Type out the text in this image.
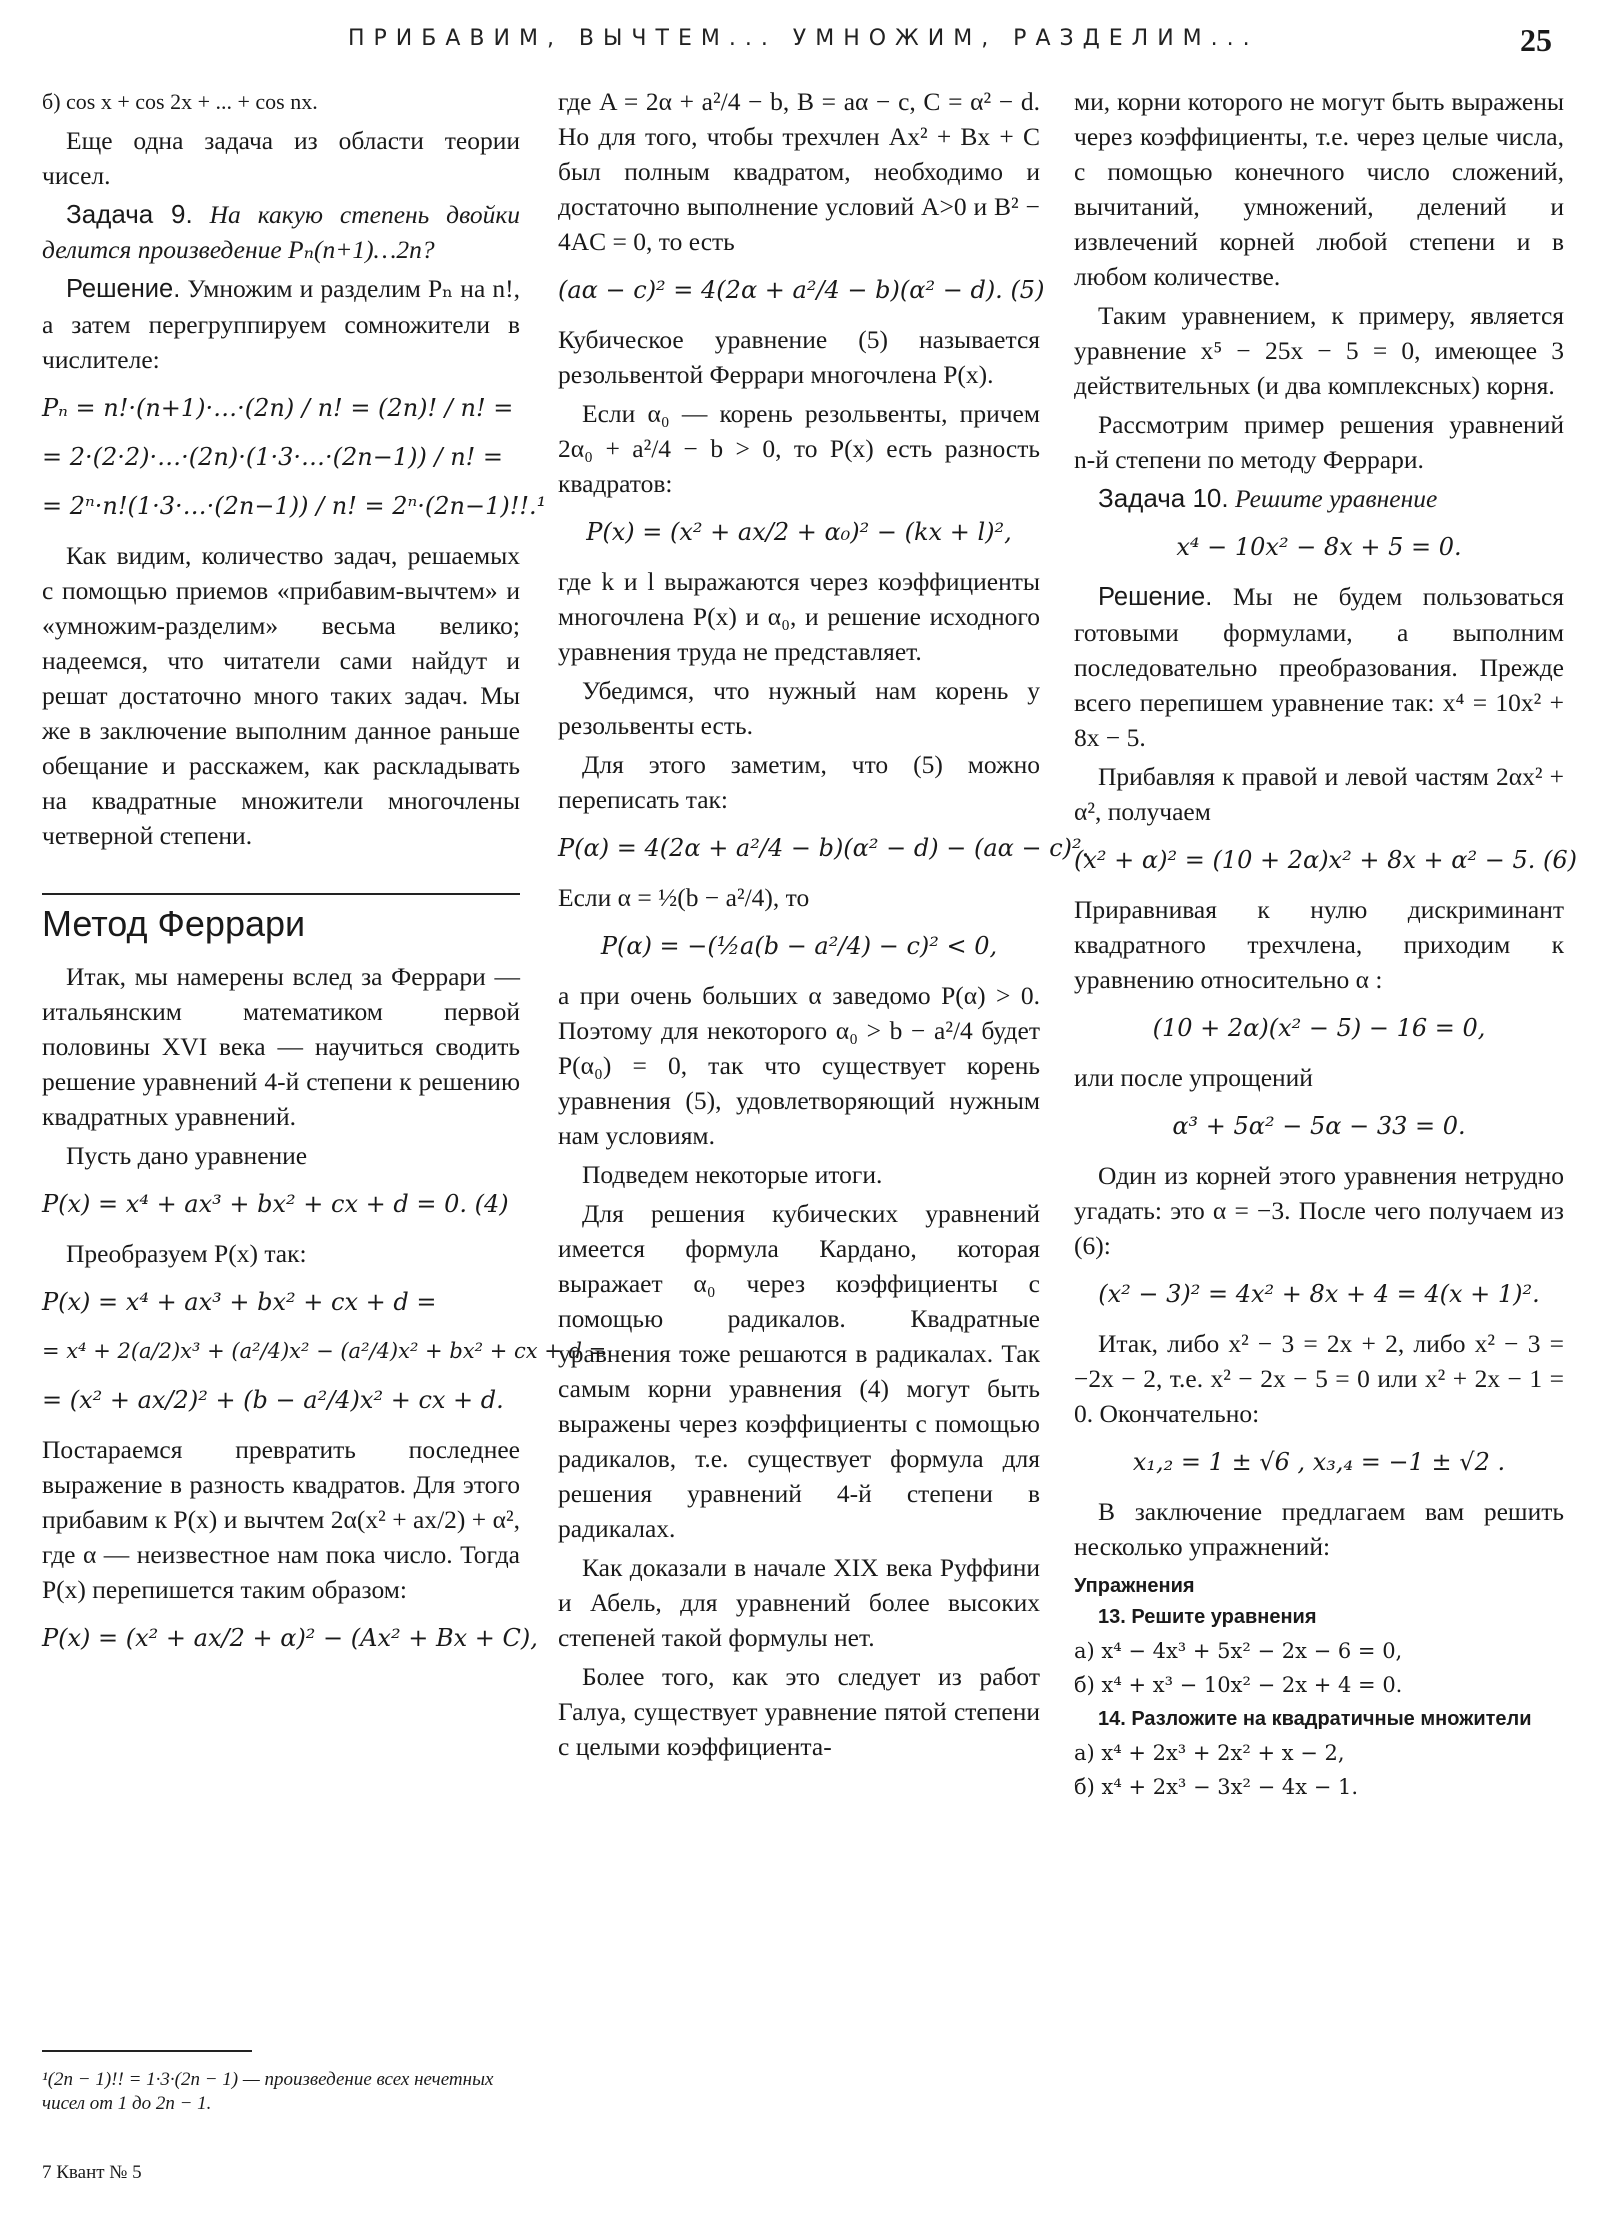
ПРИБАВИМ, ВЫЧТЕМ... УМНОЖИМ, РАЗДЕЛИМ...	25

б) cos x + cos 2x + ... + cos nx.

Еще одна задача из области теории чисел.

Задача 9. На какую степень двойки делится произведение Pₙ(n+1)…2n?

Решение. Умножим и разделим Pₙ на n!, а затем перегруппируем сомножители в числителе:

Pₙ = n!·(n+1)·…·(2n) / n! = (2n)! / n! =
= 2·(2·2)·…·(2n)·(1·3·…·(2n−1)) / n! =
= 2ⁿ·n!(1·3·…·(2n−1)) / n! = 2ⁿ·(2n−1)!!.¹

Как видим, количество задач, решаемых с помощью приемов «прибавим-вычтем» и «умножим-разделим» весьма велико; надеемся, что читатели сами найдут и решат достаточно много таких задач. Мы же в заключение выполним данное раньше обещание и расскажем, как раскладывать на квадратные множители многочлены четверной степени.

Метод Феррари

Итак, мы намерены вслед за Феррари — итальянским математиком первой половины XVI века — научиться сводить решение уравнений 4-й степени к решению квадратных уравнений.

Пусть дано уравнение

P(x) = x⁴ + ax³ + bx² + cx + d = 0. (4)

Преобразуем P(x) так:

P(x) = x⁴ + ax³ + bx² + cx + d =
= x⁴ + 2(a/2)x³ + (a²/4)x² − (a²/4)x² + bx² + cx + d =
= (x² + ax/2)² + (b − a²/4)x² + cx + d.

Постараемся превратить последнее выражение в разность квадратов. Для этого прибавим к P(x) и вычтем 2α(x² + ax/2) + α², где α — неизвестное нам пока число. Тогда P(x) перепишется таким образом:

P(x) = (x² + ax/2 + α)² − (Ax² + Bx + C),

где A = 2α + a²/4 − b, B = aα − c, C = α² − d. Но для того, чтобы трехчлен Ax² + Bx + C был полным квадратом, необходимо и достаточно выполнение условий A>0 и B² − 4AC = 0, то есть

(aα − c)² = 4(2α + a²/4 − b)(α² − d). (5)

Кубическое уравнение (5) называется резольвентой Феррари многочлена P(x).

Если α₀ — корень резольвенты, причем 2α₀ + a²/4 − b > 0, то P(x) есть разность квадратов:

P(x) = (x² + ax/2 + α₀)² − (kx + l)²,

где k и l выражаются через коэффициенты многочлена P(x) и α₀, и решение исходного уравнения труда не представляет.

Убедимся, что нужный нам корень у резольвенты есть.

Для этого заметим, что (5) можно переписать так:

P(α) = 4(2α + a²/4 − b)(α² − d) − (aα − c)².

Если α = ½(b − a²/4), то

P(α) = −(½a(b − a²/4) − c)² < 0,

а при очень больших α заведомо P(α) > 0. Поэтому для некоторого α₀ > b − a²/4 будет P(α₀) = 0, так что существует корень уравнения (5), удовлетворяющий нужным нам условиям.

Подведем некоторые итоги.

Для решения кубических уравнений имеется формула Кардано, которая выражает α₀ через коэффициенты с помощью радикалов. Квадратные уравнения тоже решаются в радикалах. Так самым корни уравнения (4) могут быть выражены через коэффициенты с помощью радикалов, т.е. существует формула для решения уравнений 4-й степени в радикалах.

Как доказали в начале XIX века Руффини и Абель, для уравнений более высоких степеней такой формулы нет.

Более того, как это следует из работ Галуа, существует уравнение пятой степени с целыми коэффициента-

ми, корни которого не могут быть выражены через коэффициенты, т.е. через целые числа, с помощью конечного число сложений, вычитаний, умножений, делений и извлечений корней любой степени и в любом количестве.

Таким уравнением, к примеру, является уравнение x⁵ − 25x − 5 = 0, имеющее 3 действительных (и два комплексных) корня.

Рассмотрим пример решения уравнений n-й степени по методу Феррари.

Задача 10. Решите уравнение

x⁴ − 10x² − 8x + 5 = 0.

Решение. Мы не будем пользоваться готовыми формулами, а выполним последовательно преобразования. Прежде всего перепишем уравнение так: x⁴ = 10x² + 8x − 5.

Прибавляя к правой и левой частям 2αx² + α², получаем

(x² + α)² = (10 + 2α)x² + 8x + α² − 5. (6)

Приравнивая к нулю дискриминант квадратного трехчлена, приходим к уравнению относительно α :

(10 + 2α)(x² − 5) − 16 = 0,

или после упрощений

α³ + 5α² − 5α − 33 = 0.

Один из корней этого уравнения нетрудно угадать: это α = −3. После чего получаем из (6):

(x² − 3)² = 4x² + 8x + 4 = 4(x + 1)².

Итак, либо x² − 3 = 2x + 2, либо x² − 3 = −2x − 2, т.е. x² − 2x − 5 = 0 или x² + 2x − 1 = 0. Окончательно:

x₁,₂ = 1 ± √6 , x₃,₄ = −1 ± √2 .

В заключение предлагаем вам решить несколько упражнений:

Упражнения
13. Решите уравнения
а) x⁴ − 4x³ + 5x² − 2x − 6 = 0,
б) x⁴ + x³ − 10x² − 2x + 4 = 0.
14. Разложите на квадратичные множители
а) x⁴ + 2x³ + 2x² + x − 2,
б) x⁴ + 2x³ − 3x² − 4x − 1.
¹(2n − 1)!! = 1·3·(2n − 1) — произведение всех нечетных чисел от 1 до 2n − 1.
7 Квант № 5
